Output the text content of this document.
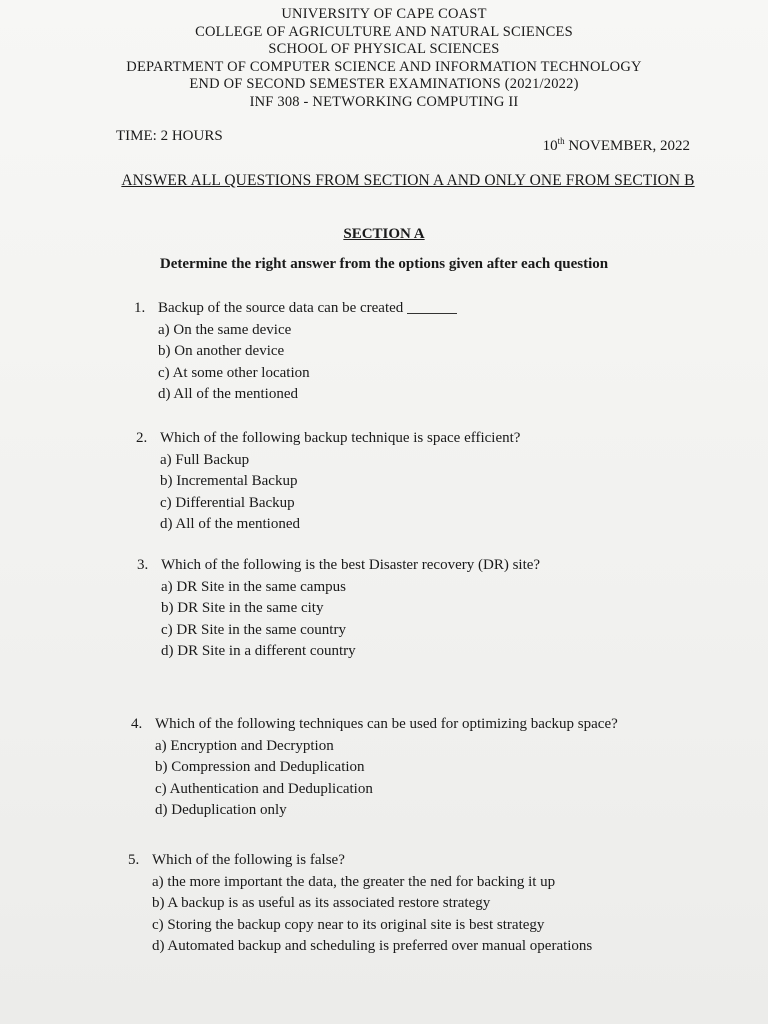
UNIVERSITY OF CAPE COAST
COLLEGE OF AGRICULTURE AND NATURAL SCIENCES
SCHOOL OF PHYSICAL SCIENCES
DEPARTMENT OF COMPUTER SCIENCE AND INFORMATION TECHNOLOGY
END OF SECOND SEMESTER EXAMINATIONS (2021/2022)
INF 308 - NETWORKING COMPUTING II
TIME: 2 HOURS
10th NOVEMBER, 2022
ANSWER ALL QUESTIONS FROM SECTION A AND ONLY ONE FROM SECTION B
SECTION A
Determine the right answer from the options given after each question
1. Backup of the source data can be created
a) On the same device
b) On another device
c) At some other location
d) All of the mentioned
2. Which of the following backup technique is space efficient?
a) Full Backup
b) Incremental Backup
c) Differential Backup
d) All of the mentioned
3. Which of the following is the best Disaster recovery (DR) site?
a) DR Site in the same campus
b) DR Site in the same city
c) DR Site in the same country
d) DR Site in a different country
4. Which of the following techniques can be used for optimizing backup space?
a) Encryption and Decryption
b) Compression and Deduplication
c) Authentication and Deduplication
d) Deduplication only
5. Which of the following is false?
a) the more important the data, the greater the ned for backing it up
b) A backup is as useful as its associated restore strategy
c) Storing the backup copy near to its original site is best strategy
d) Automated backup and scheduling is preferred over manual operations
